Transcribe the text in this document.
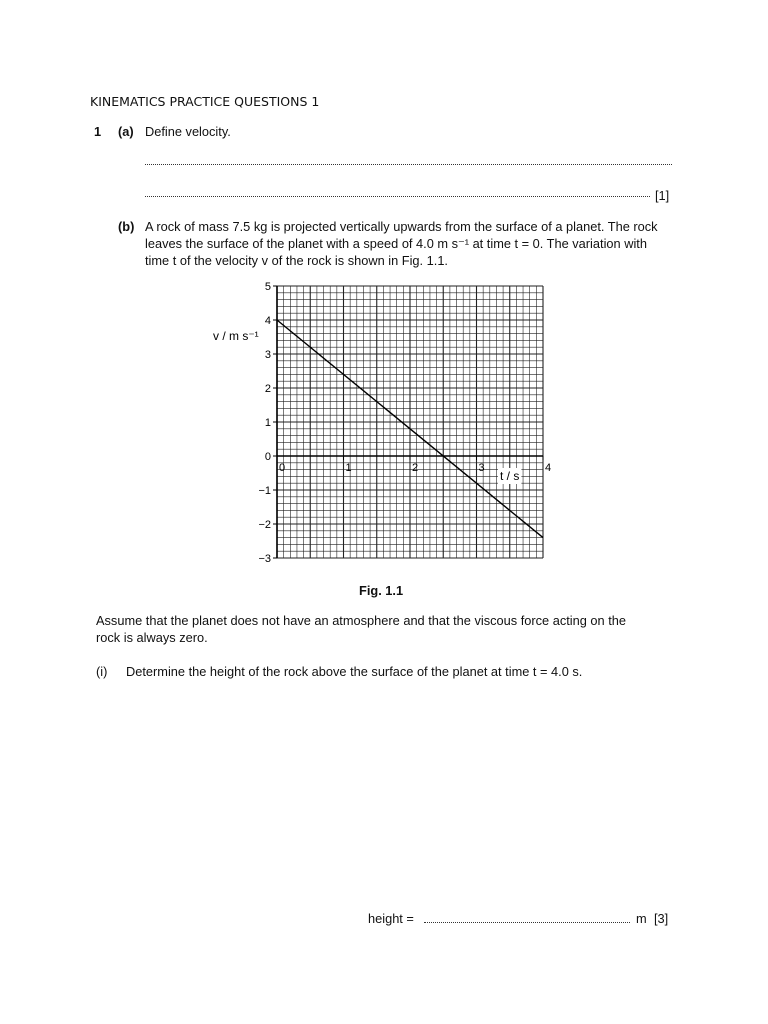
KINEMATICS PRACTICE QUESTIONS 1
1 (a) Define velocity.
[1]
(b) A rock of mass 7.5 kg is projected vertically upwards from the surface of a planet. The rock
leaves the surface of the planet with a speed of 4.0 m s⁻¹ at time t = 0. The variation with
time t of the velocity v of the rock is shown in Fig. 1.1.
5
4
3
2
1
0
−1
−2
−3
0	1	2	3	4
v / m s⁻¹
t / s
Fig. 1.1
Assume that the planet does not have an atmosphere and that the viscous force acting on the
rock is always zero.
(i) Determine the height of the rock above the surface of the planet at time t = 4.0 s.
height =	m [3]
